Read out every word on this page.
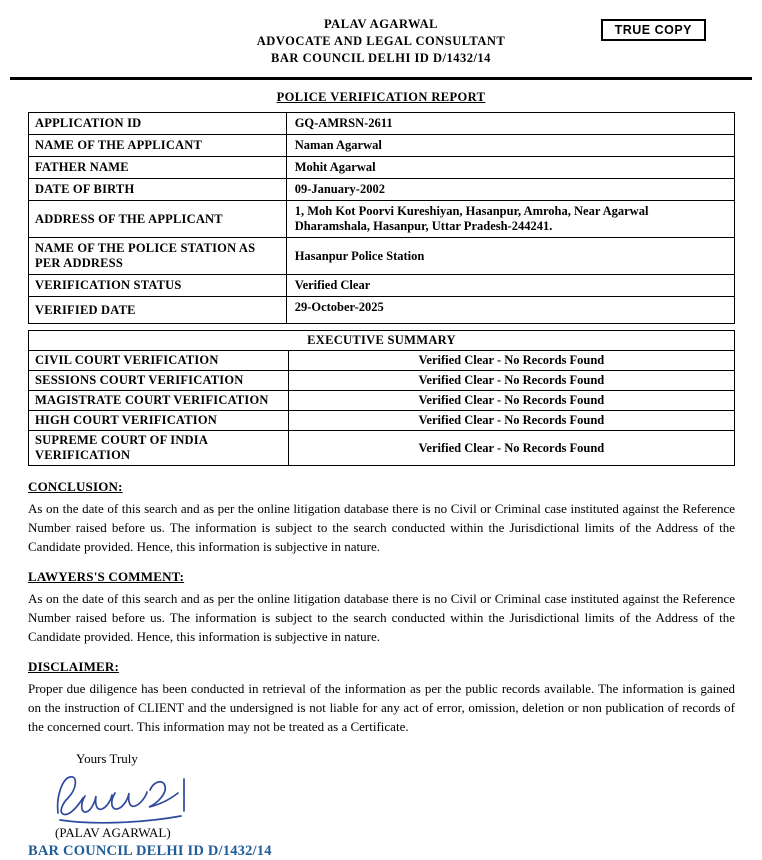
PALAV AGARWAL
ADVOCATE AND LEGAL CONSULTANT
BAR COUNCIL DELHI ID D/1432/14
TRUE COPY
POLICE VERIFICATION REPORT
APPLICATION ID	GQ-AMRSN-2611
NAME OF THE APPLICANT	Naman Agarwal
FATHER NAME	Mohit Agarwal
DATE OF BIRTH	09-January-2002
ADDRESS OF THE APPLICANT	1, Moh Kot Poorvi Kureshiyan, Hasanpur, Amroha, Near Agarwal Dharamshala, Hasanpur, Uttar Pradesh-244241.
NAME OF THE POLICE STATION AS PER ADDRESS	Hasanpur Police Station
VERIFICATION STATUS	Verified Clear
VERIFIED DATE	29-October-2025
EXECUTIVE SUMMARY	
CIVIL COURT VERIFICATION	Verified Clear - No Records Found
SESSIONS COURT VERIFICATION	Verified Clear - No Records Found
MAGISTRATE COURT VERIFICATION	Verified Clear - No Records Found
HIGH COURT VERIFICATION	Verified Clear - No Records Found
SUPREME COURT OF INDIA VERIFICATION	Verified Clear - No Records Found
CONCLUSION:
As on the date of this search and as per the online litigation database there is no Civil or Criminal case instituted against the Reference Number raised before us. The information is subject to the search conducted within the Jurisdictional limits of the Address of the Candidate provided. Hence, this information is subjective in nature.
LAWYERS'S COMMENT:
As on the date of this search and as per the online litigation database there is no Civil or Criminal case instituted against the Reference Number raised before us. The information is subject to the search conducted within the Jurisdictional limits of the Address of the Candidate provided. Hence, this information is subjective in nature.
DISCLAIMER:
Proper due diligence has been conducted in retrieval of the information as per the public records available. The information is gained on the instruction of CLIENT and the undersigned is not liable for any act of error, omission, deletion or non publication of records of the concerned court. This information may not be treated as a Certificate.
Yours Truly
(PALAV AGARWAL)
BAR COUNCIL DELHI ID D/1432/14
